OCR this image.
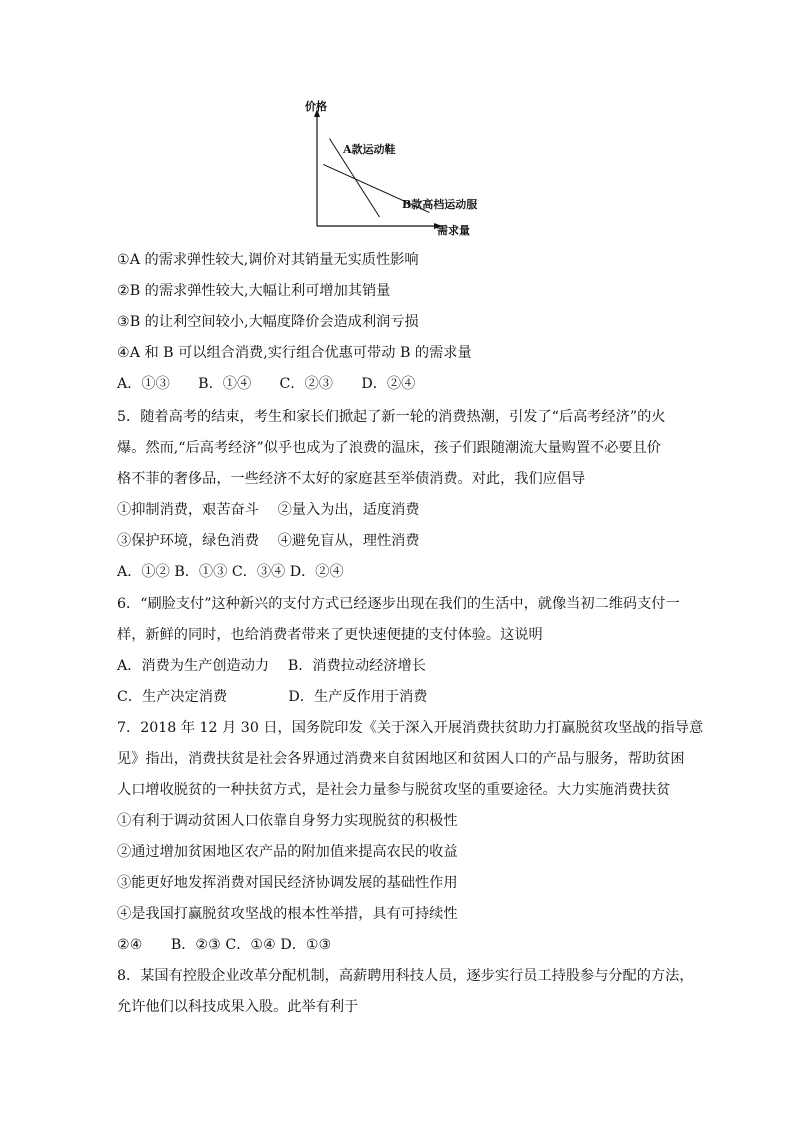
价格
需求量
A款运动鞋
B款高档运动服
①A 的需求弹性较大,调价对其销量无实质性影响
②B 的需求弹性较大,大幅让利可增加其销量
③B 的让利空间较小,大幅度降价会造成利润亏损
④A 和 B 可以组合消费,实行组合优惠可带动 B 的需求量
A．①③　　B．①④　　C．②③　　D．②④
5．随着高考的结束，考生和家长们掀起了新一轮的消费热潮，引发了“后高考经济”的火
爆。然而,“后高考经济”似乎也成为了浪费的温床，孩子们跟随潮流大量购置不必要且价
格不菲的奢侈品，一些经济不太好的家庭甚至举债消费。对此，我们应倡导
①抑制消费，艰苦奋斗　 ②量入为出，适度消费
③保护环境，绿色消费　 ④避免盲从，理性消费
A．①② B．①③ C．③④ D．②④
6．“刷脸支付”这种新兴的支付方式已经逐步出现在我们的生活中，就像当初二维码支付一
样，新鲜的同时，也给消费者带来了更快速便捷的支付体验。这说明
A．消费为生产创造动力　 B．消费拉动经济增长
C．生产决定消费　　　　 D．生产反作用于消费
7．2018 年 12 月 30 日，国务院印发《关于深入开展消费扶贫助力打赢脱贫攻坚战的指导意
见》指出，消费扶贫是社会各界通过消费来自贫困地区和贫困人口的产品与服务，帮助贫困
人口增收脱贫的一种扶贫方式，是社会力量参与脱贫攻坚的重要途径。大力实施消费扶贫
①有利于调动贫困人口依靠自身努力实现脱贫的积极性
②通过增加贫困地区农产品的附加值来提高农民的收益
③能更好地发挥消费对国民经济协调发展的基础性作用
④是我国打赢脱贫攻坚战的根本性举措，具有可持续性
②④　　B．②③ C．①④ D．①③
8．某国有控股企业改革分配机制，高薪聘用科技人员，逐步实行员工持股参与分配的方法，
允许他们以科技成果入股。此举有利于
